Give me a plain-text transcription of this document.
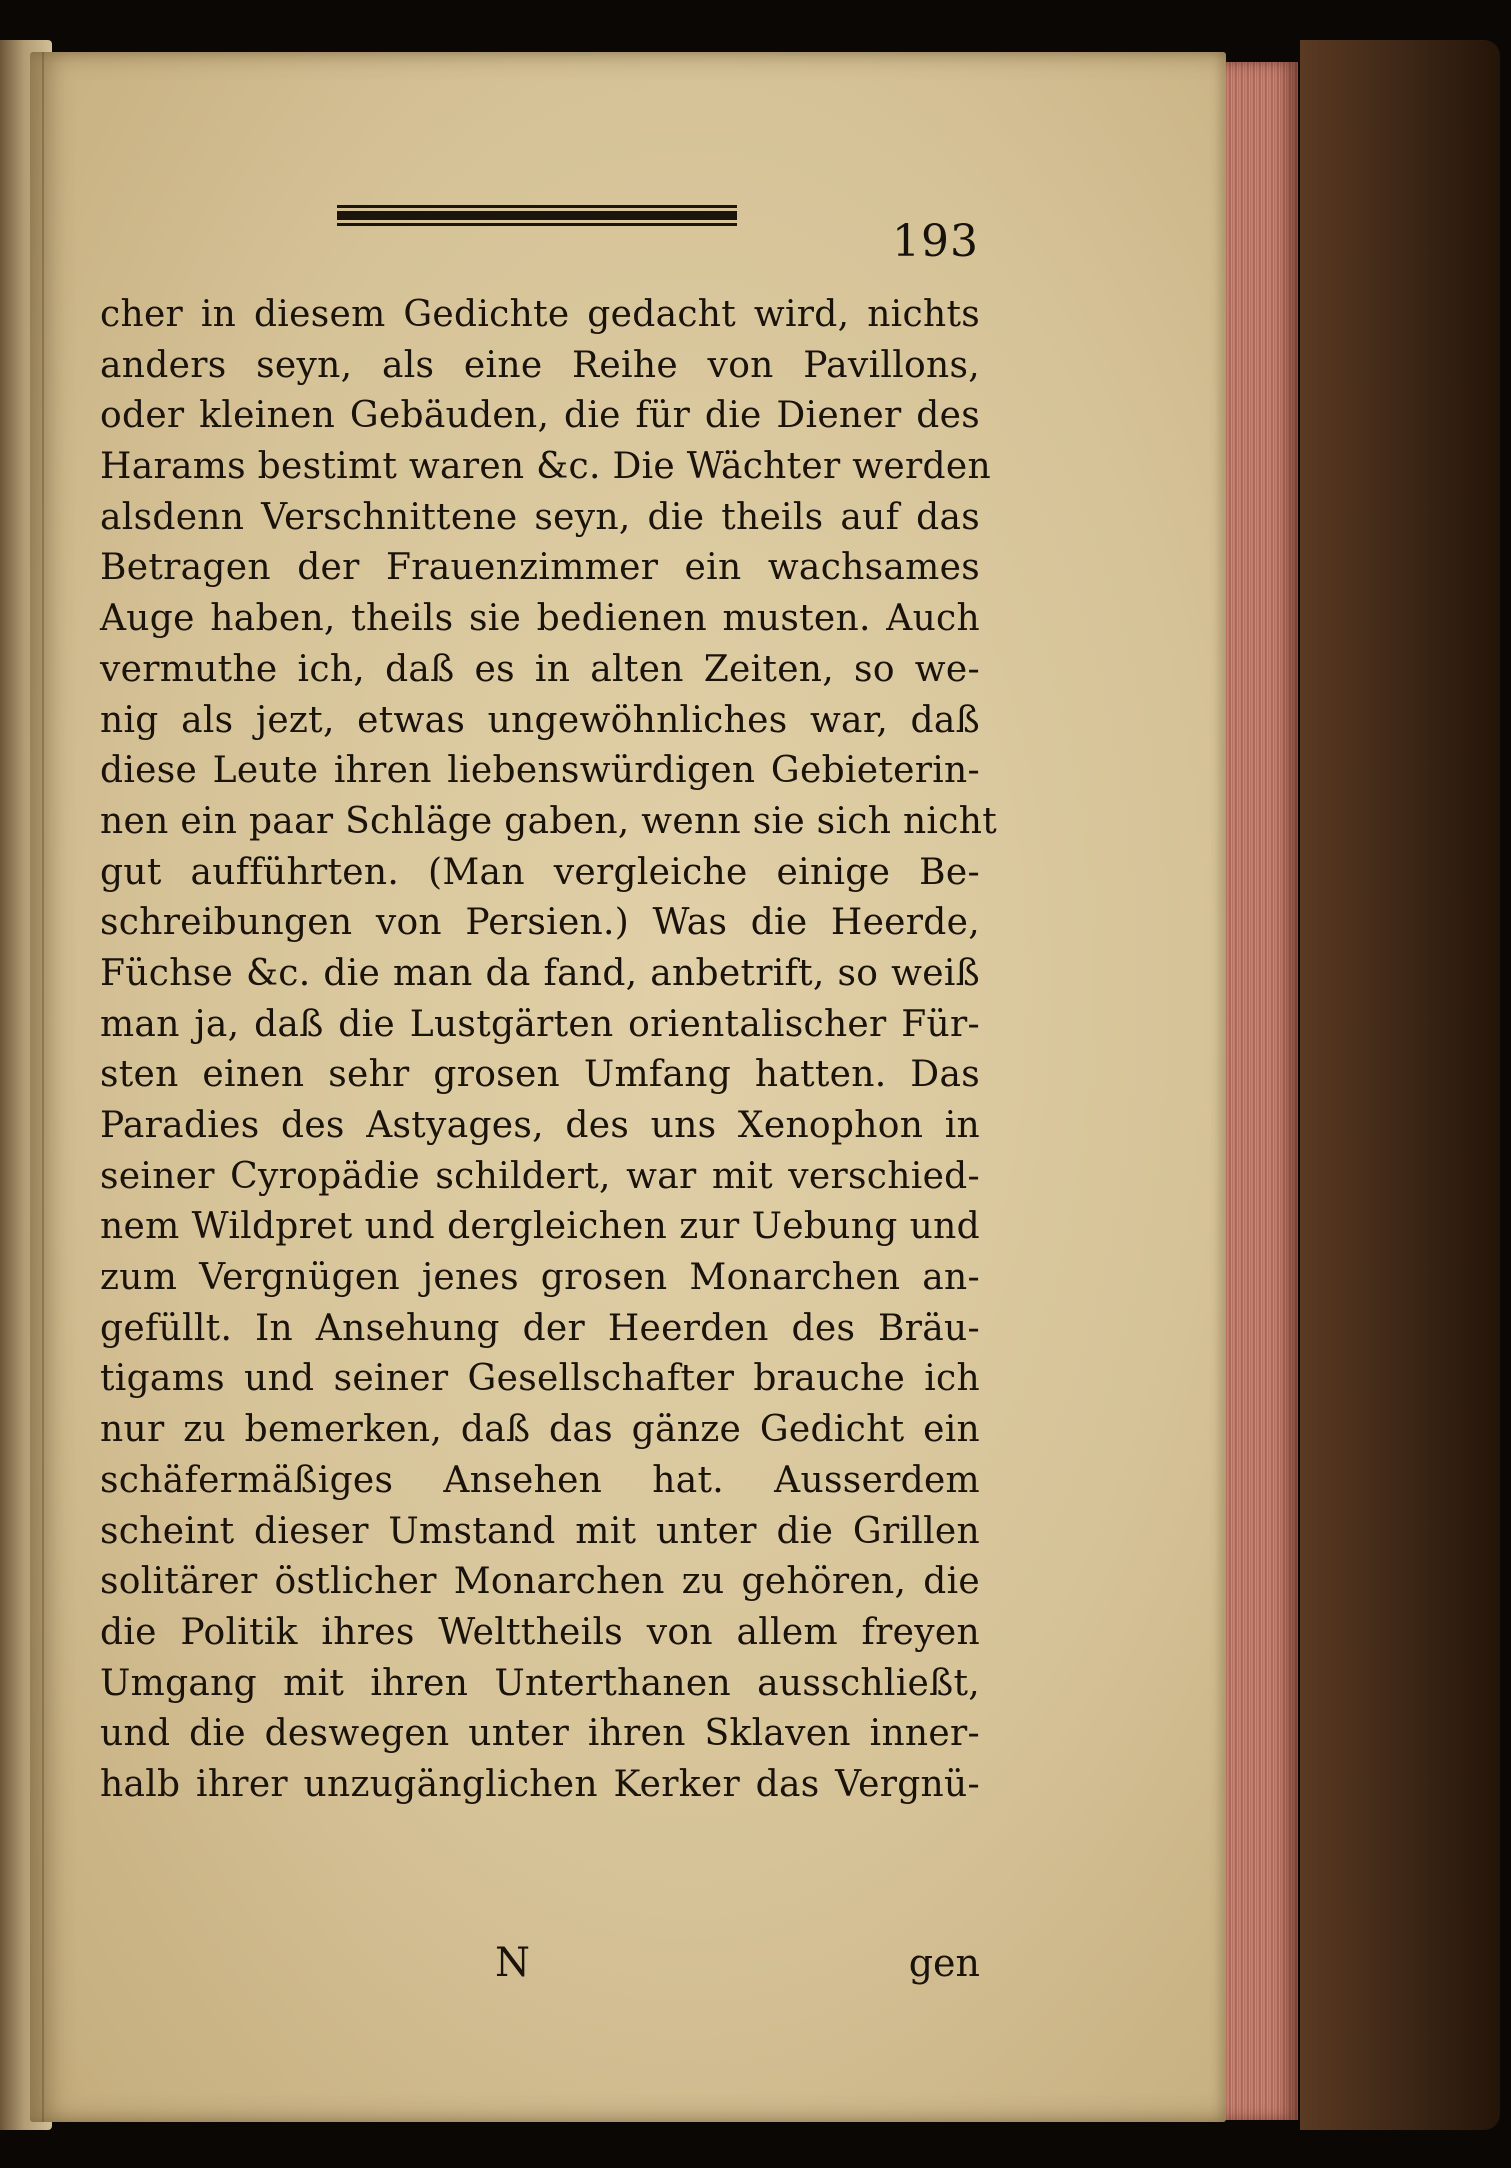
193
cher in diesem Gedichte gedacht wird, nichts
anders seyn, als eine Reihe von Pavillons,
oder kleinen Gebäuden, die für die Diener des
Harams bestimt waren &c. Die Wächter werden
alsdenn Verschnittene seyn, die theils auf das
Betragen der Frauenzimmer ein wachsames
Auge haben, theils sie bedienen musten. Auch
vermuthe ich, daß es in alten Zeiten, so we-
nig als jezt, etwas ungewöhnliches war, daß
diese Leute ihren liebenswürdigen Gebieterin-
nen ein paar Schläge gaben, wenn sie sich nicht
gut aufführten. (Man vergleiche einige Be-
schreibungen von Persien.) Was die Heerde,
Füchse &c. die man da fand, anbetrift, so weiß
man ja, daß die Lustgärten orientalischer Für-
sten einen sehr grosen Umfang hatten. Das
Paradies des Astyages, des uns Xenophon in
seiner Cyropädie schildert, war mit verschied-
nem Wildpret und dergleichen zur Uebung und
zum Vergnügen jenes grosen Monarchen an-
gefüllt. In Ansehung der Heerden des Bräu-
tigams und seiner Gesellschafter brauche ich
nur zu bemerken, daß das gänze Gedicht ein
schäfermäßiges Ansehen hat. Ausserdem
scheint dieser Umstand mit unter die Grillen
solitärer östlicher Monarchen zu gehören, die
die Politik ihres Welttheils von allem freyen
Umgang mit ihren Unterthanen ausschließt,
und die deswegen unter ihren Sklaven inner-
halb ihrer unzugänglichen Kerker das Vergnü-
N	gen
